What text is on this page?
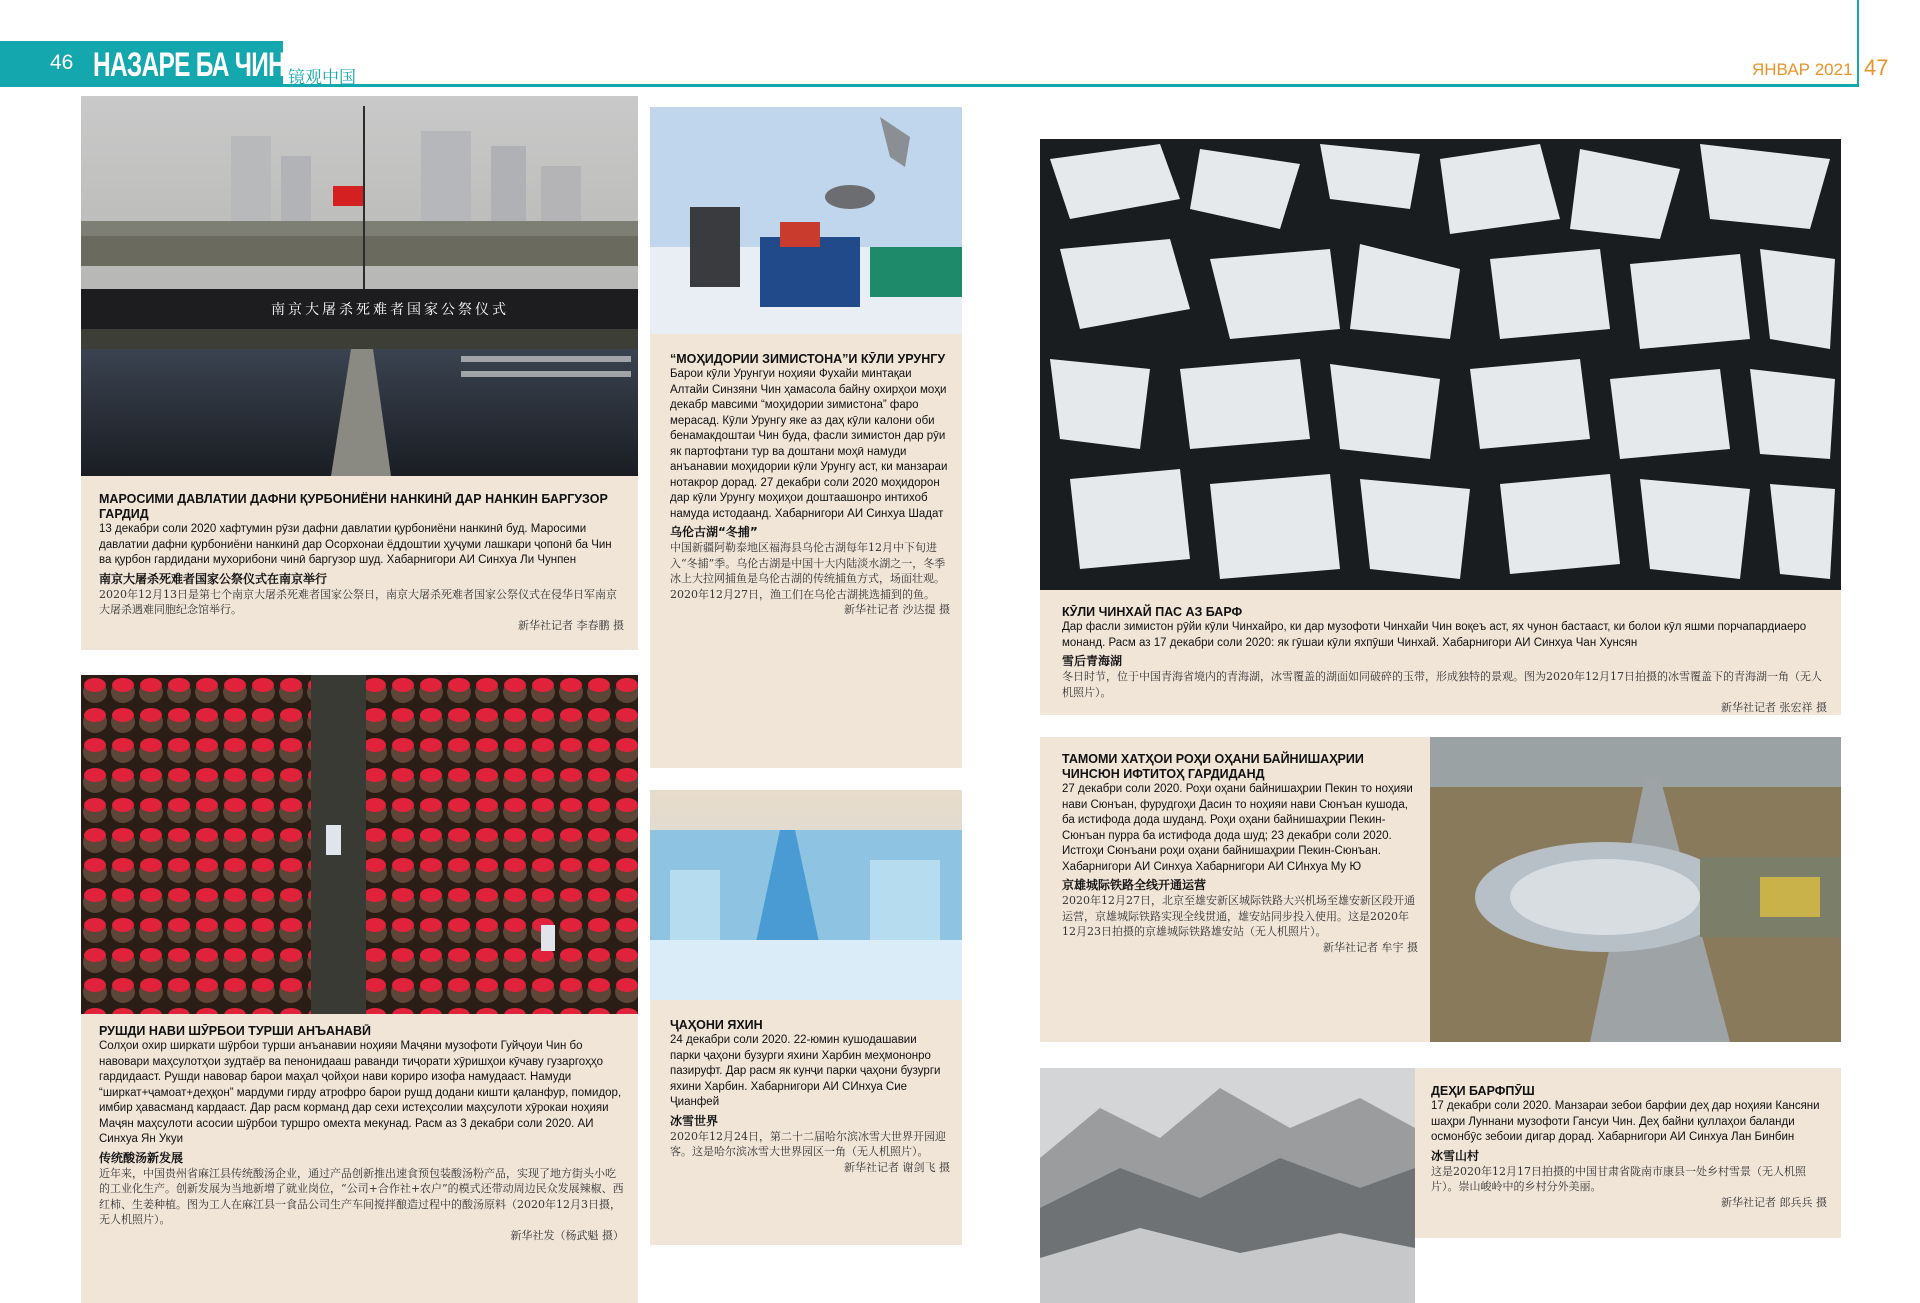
46 НАЗАРЕ БА ЧИН 镜观中国	ЯНВАР 2021 47
南京大屠杀死难者国家公祭仪式
МАРОСИМИ ДАВЛАТИИ ДАФНИ ҚУРБОНИЁНИ НАНКИНӢ ДАР НАНКИН БАРГУЗОР ГАРДИД
13 декабри соли 2020 хафтумин рӯзи дафни давлатии қурбониёни нанкинӣ буд. Маросими давлатии дафни қурбониёни нанкинӣ дар Осорхонаи ёддоштии ҳуҷуми лашкари ҷопонӣ ба Чин ва қурбон гардидани мухорибони чинӣ баргузор шуд. Хабарнигори АИ Синхуа Ли Чунпен
南京大屠杀死难者国家公祭仪式在南京举行
2020年12月13日是第七个南京大屠杀死难者国家公祭日，南京大屠杀死难者国家公祭仪式在侵华日军南京大屠杀遇难同胞纪念馆举行。
新华社记者 李春鹏 摄
РУШДИ НАВИ ШӮРБОИ ТУРШИ АНЪАНАВӢ
Солҳои охир ширкати шӯрбои турши анъанавии ноҳияи Маҷяни музофоти Гуйҷоуи Чин бо навовари маҳсулотҳои зудтаёр ва пенонидааш раванди тиҷорати хӯришҳои кӯчаву гузаргоҳҳо гардидааст. Рушди навовар барои маҳал ҷойҳои нави кориро изофа намудааст. Намуди “ширкат+ҷамоат+деҳқон” мардуми гирду атрофро барои рушд додани кишти қаланфур, помидор, имбир ҳавасманд кардааст. Дар расм корманд дар сехи истеҳсолии маҳсулоти хӯрокаи ноҳияи Маҷян маҳсулоти асосии шӯрбои туршро омехта мекунад. Расм аз 3 декабри соли 2020. АИ Синхуа Ян Укуи
传统酸汤新发展
近年来，中国贵州省麻江县传统酸汤企业，通过产品创新推出速食预包装酸汤粉产品，实现了地方街头小吃的工业化生产。创新发展为当地新增了就业岗位，“公司+合作社+农户”的模式还带动周边民众发展辣椒、西红柿、生姜种植。图为工人在麻江县一食品公司生产车间搅拌酿造过程中的酸汤原料（2020年12月3日摄，无人机照片）。
新华社发（杨武魁 摄）
“МОҲИДОРИИ ЗИМИСТОНА”И КӮЛИ УРУНГУ
Барои кӯли Урунгуи ноҳияи Фухайи минтақаи Алтайи Синзяни Чин ҳамасола байну охирҳои моҳи декабр мавсими “моҳидории зимистона” фаро мерасад. Кӯли Урунгу яке аз даҳ кӯли калони оби бенамакдоштаи Чин буда, фасли зимистон дар рӯи як партофтани тур ва доштани моҳӣ намуди анъанавии моҳидории кӯли Урунгу аст, ки манзараи нотакрор дорад. 27 декабри соли 2020 моҳидорон дар кӯли Урунгу моҳиҳои доштаашонро интихоб намуда истодаанд. Хабарнигори АИ Синхуа Шадат
乌伦古湖“冬捕”
中国新疆阿勒泰地区福海县乌伦古湖每年12月中下旬进入“冬捕”季。乌伦古湖是中国十大内陆淡水湖之一，冬季冰上大拉网捕鱼是乌伦古湖的传统捕鱼方式，场面壮观。2020年12月27日，渔工们在乌伦古湖挑选捕到的鱼。
新华社记者 沙达提 摄
ҶАҲОНИ ЯХИН
24 декабри соли 2020. 22-юмин кушодашавии парки ҷаҳони бузурги яхини Харбин меҳмононро пазируфт. Дар расм як кунҷи парки ҷаҳони бузурги яхини Харбин. Хабарнигори АИ СИнхуа Сие Ҷианфей
冰雪世界
2020年12月24日，第二十二届哈尔滨冰雪大世界开园迎客。这是哈尔滨冰雪大世界园区一角（无人机照片）。
新华社记者 谢剑飞 摄
КӮЛИ ЧИНХАЙ ПАС АЗ БАРФ
Дар фасли зимистон рӯйи кӯли Чинхайро, ки дар музофоти Чинхайи Чин воқеъ аст, ях чунон бастааст, ки болои кӯл яшми порчапардиаеро монанд. Расм аз 17 декабри соли 2020: як гӯшаи кӯли яхпӯши Чинхай. Хабарнигори АИ Синхуа Чан Хунсян
雪后青海湖
冬日时节，位于中国青海省境内的青海湖，冰雪覆盖的湖面如同破碎的玉带，形成独特的景观。图为2020年12月17日拍摄的冰雪覆盖下的青海湖一角（无人机照片）。
新华社记者 张宏祥 摄
ТАМОМИ ХАТҲОИ РОҲИ ОҲАНИ БАЙНИШАҲРИИ ЧИНСЮН ИФТИТОҲ ГАРДИДАНД
27 декабри соли 2020. Роҳи оҳани байнишаҳрии Пекин то ноҳияи нави Сюнъан, фурудгоҳи Дасин то ноҳияи нави Сюнъан кушода, ба истифода дода шуданд. Роҳи оҳани байнишаҳрии Пекин-Сюнъан пурра ба истифода дода шуд; 23 декабри соли 2020. Истгоҳи Сюнъани роҳи оҳани байнишаҳрии Пекин-Сюнъан. Хабарнигори АИ Синхуа Хабарнигори АИ СИнхуа Му Ю
京雄城际铁路全线开通运营
2020年12月27日，北京至雄安新区城际铁路大兴机场至雄安新区段开通运营，京雄城际铁路实现全线贯通，雄安站同步投入使用。这是2020年12月23日拍摄的京雄城际铁路雄安站（无人机照片）。
新华社记者 牟宇 摄
ДЕҲИ БАРФПӮШ
17 декабри соли 2020. Манзараи зебои барфии деҳ дар ноҳияи Кансяни шаҳри Луннани музофоти Гансуи Чин. Деҳ байни қуллаҳои баланди осмонбӯс зебоии дигар дорад. Хабарнигори АИ Синхуа Лан Бинбин
冰雪山村
这是2020年12月17日拍摄的中国甘肃省陇南市康县一处乡村雪景（无人机照片）。崇山峻岭中的乡村分外美丽。
新华社记者 郎兵兵 摄
